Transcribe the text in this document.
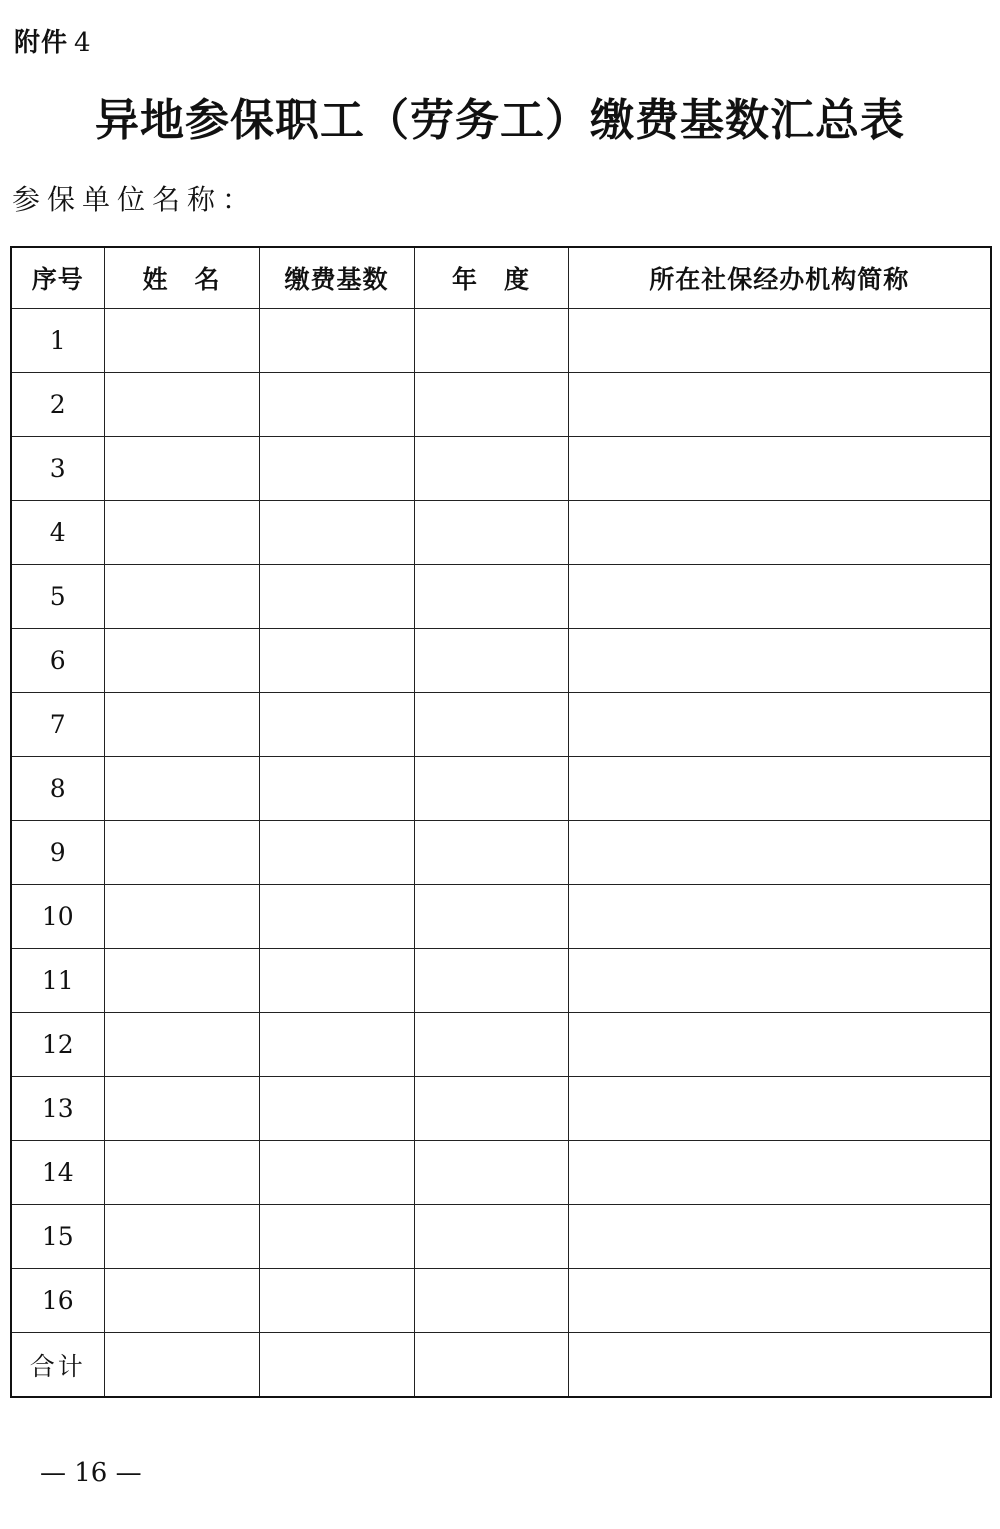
附件 4
异地参保职工（劳务工）缴费基数汇总表
参保单位名称：
序号	姓　名	缴费基数	年　度	所在社保经办机构简称
1				
2				
3				
4				
5				
6				
7				
8				
9				
10				
11				
12				
13				
14				
15				
16				
合计				
— 16 —
